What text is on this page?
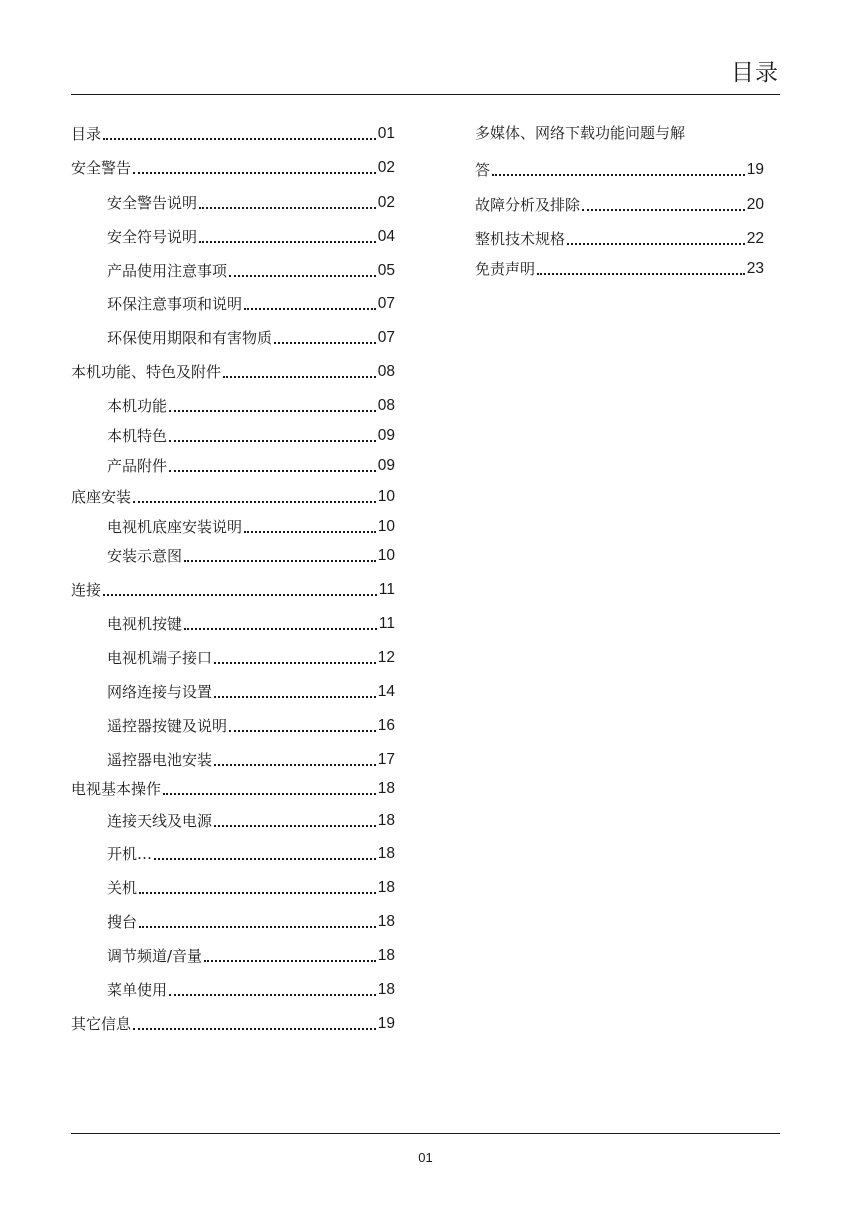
目录
目录	01
安全警告	02
安全警告说明	02
安全符号说明	04
产品使用注意事项	05
环保注意事项和说明	07
环保使用期限和有害物质	07
本机功能、特色及附件	08
本机功能	08
本机特色	09
产品附件	09
底座安装	10
电视机底座安装说明	10
安装示意图	10
连接	11
电视机按键	11
电视机端子接口	12
网络连接与设置	14
遥控器按键及说明	16
遥控器电池安装	17
电视基本操作	18
连接天线及电源	18
开机…	18
关机	18
搜台	18
调节频道/音量	18
菜单使用	18
其它信息	19
多媒体、网络下载功能问题与解
答	19
故障分析及排除	20
整机技术规格	22
免责声明	23
01
